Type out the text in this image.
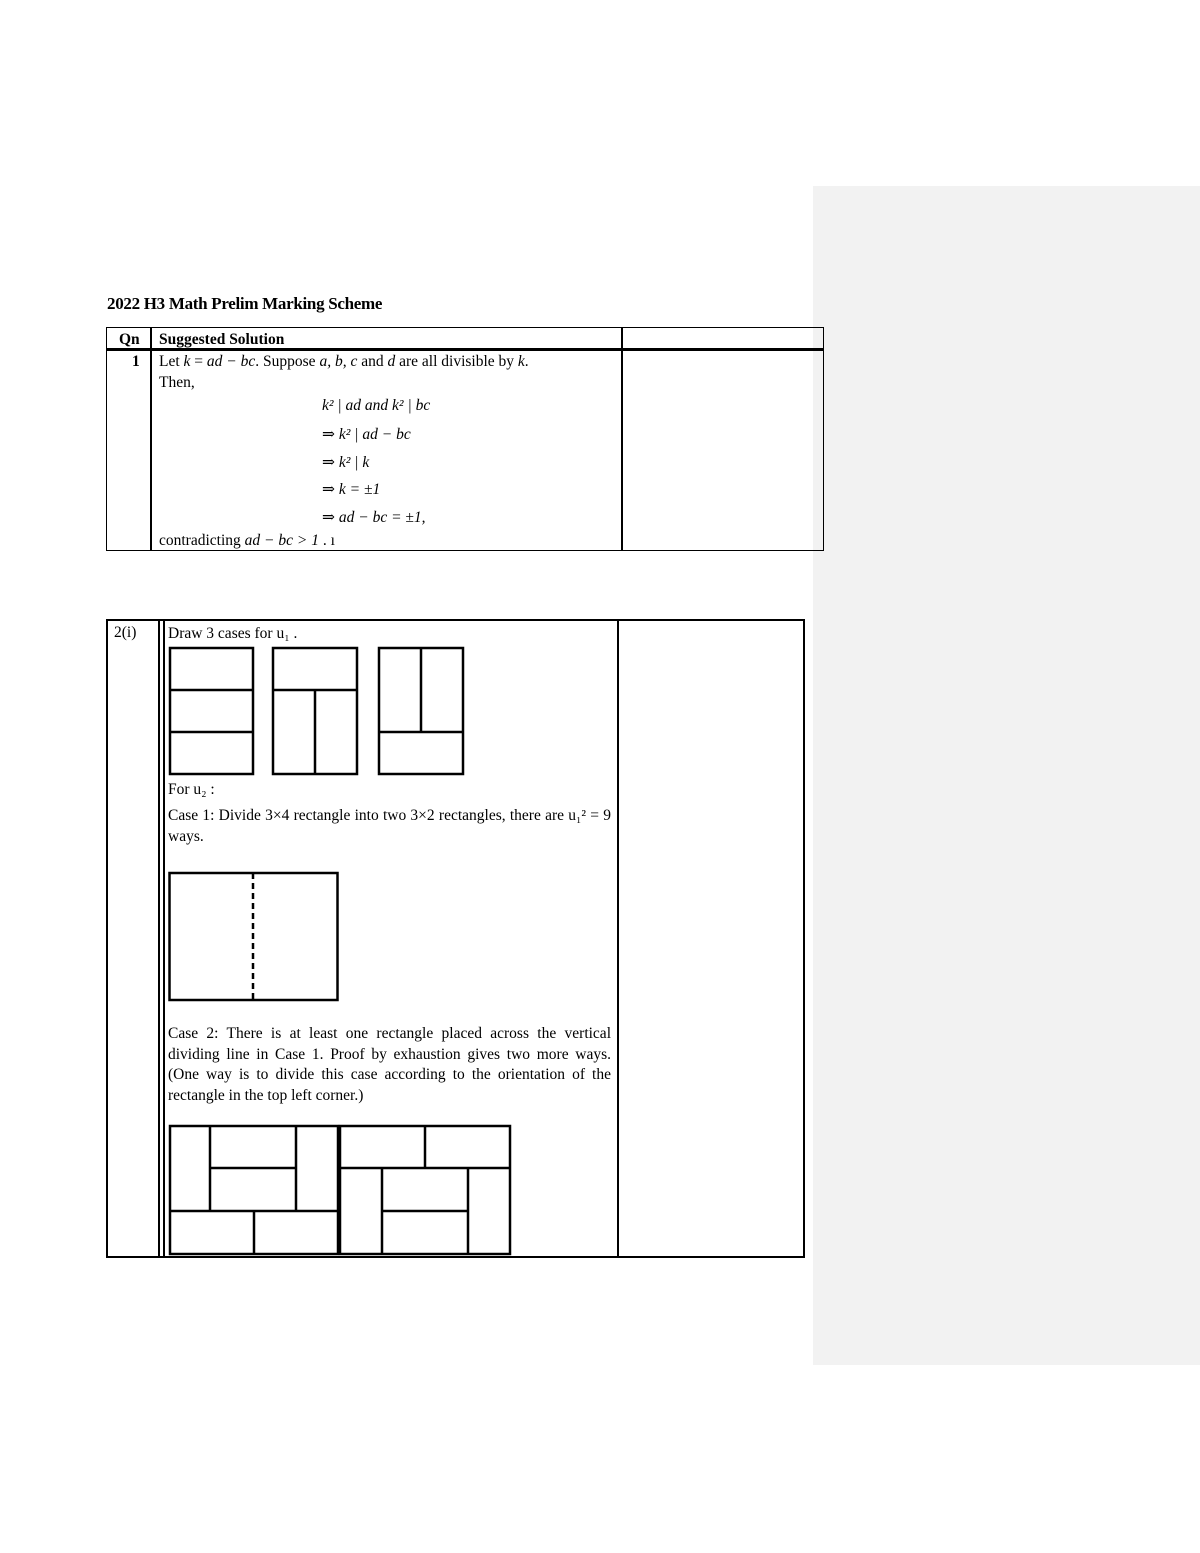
2022 H3 Math Prelim Marking Scheme
Qn Suggested Solution
1 Let k = ad − bc. Suppose a, b, c and d are all divisible by k.
Then,
k² | ad and k² | bc
⇒ k² | ad − bc
⇒ k² | k
⇒ k = ±1
⇒ ad − bc = ±1,
contradicting ad − bc > 1 . ı
2(i) Draw 3 cases for u₁ .
For u₂ :
Case 1: Divide 3×4 rectangle into two 3×2 rectangles, there are u₁² = 9 ways.
Case 2: There is at least one rectangle placed across the vertical dividing line in Case 1. Proof by exhaustion gives two more ways. (One way is to divide this case according to the orientation of the rectangle in the top left corner.)
